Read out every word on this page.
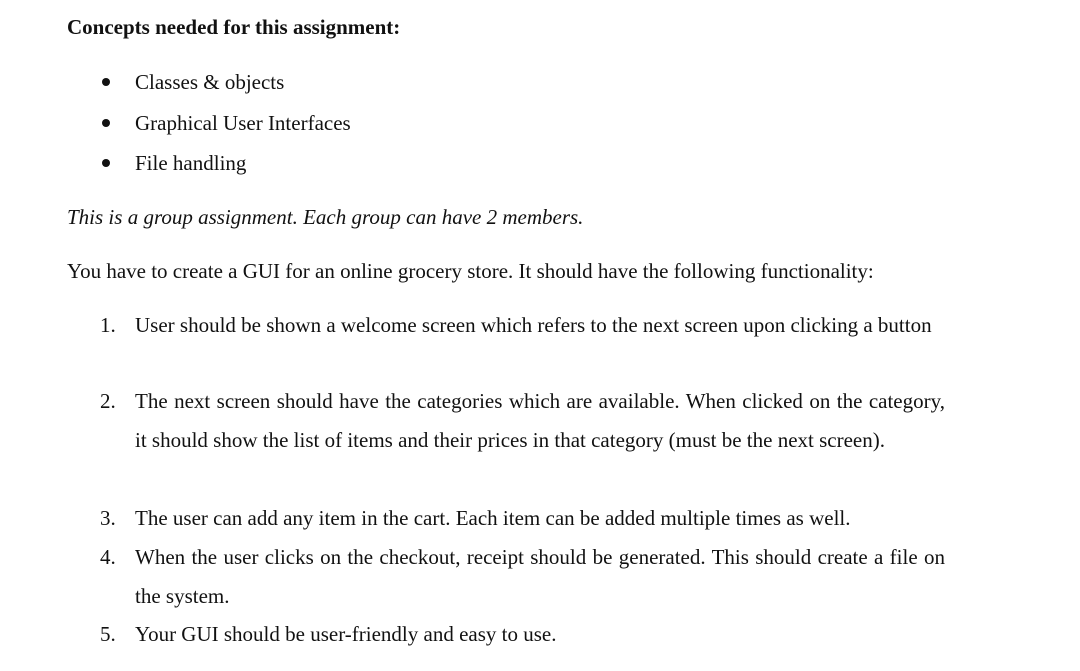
Concepts needed for this assignment:
Classes & objects
Graphical User Interfaces
File handling
This is a group assignment. Each group can have 2 members.
You have to create a GUI for an online grocery store. It should have the following functionality:
1. User should be shown a welcome screen which refers to the next screen upon clicking a button
2. The next screen should have the categories which are available. When clicked on the category, it should show the list of items and their prices in that category (must be the next screen).
3. The user can add any item in the cart. Each item can be added multiple times as well.
4. When the user clicks on the checkout, receipt should be generated. This should create a file on the system.
5. Your GUI should be user-friendly and easy to use.
